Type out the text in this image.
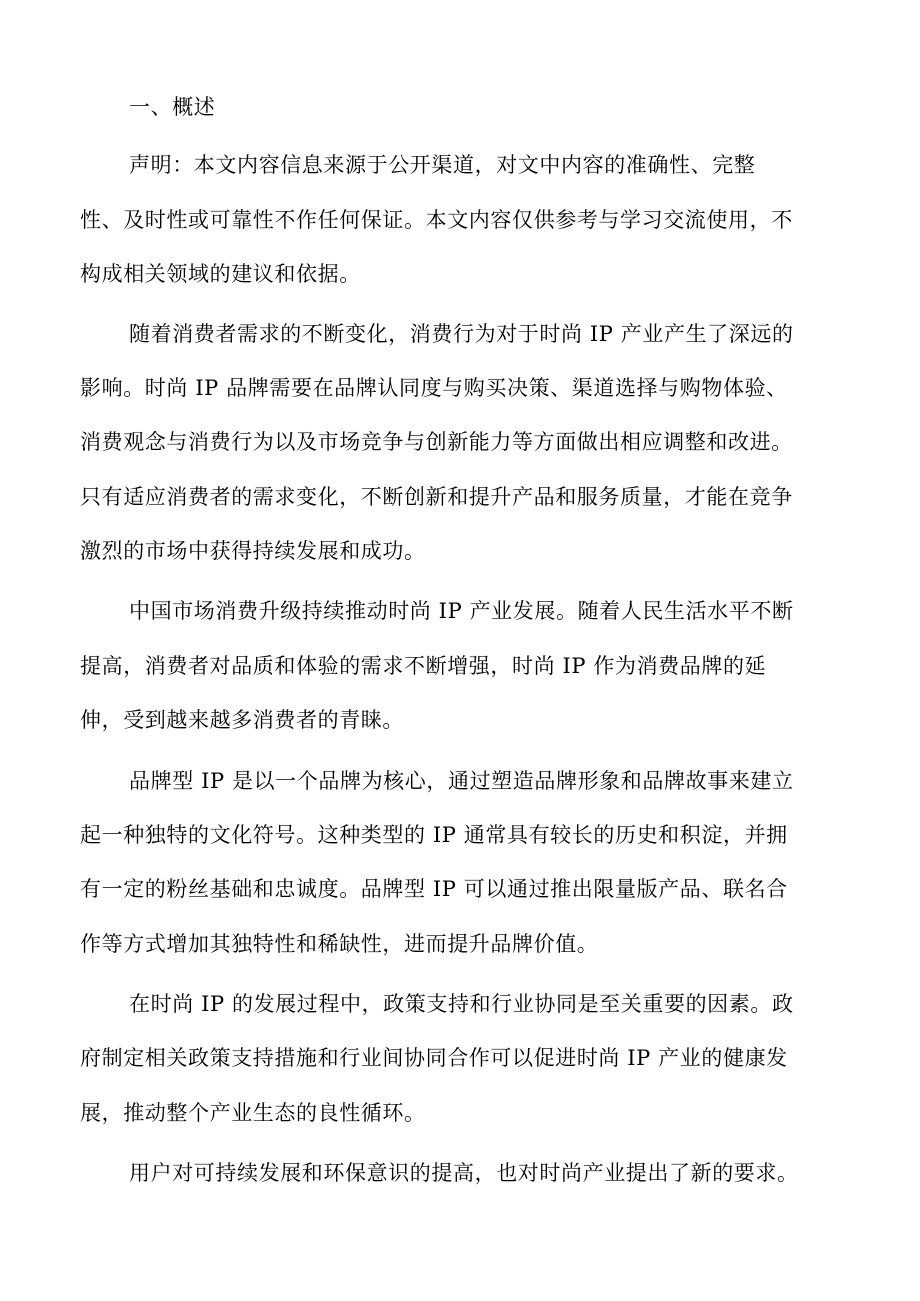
一、概述

声明：本文内容信息来源于公开渠道，对文中内容的准确性、完整

性、及时性或可靠性不作任何保证。本文内容仅供参考与学习交流使用，不

构成相关领域的建议和依据。

随着消费者需求的不断变化，消费行为对于时尚 IP 产业产生了深远的

影响。时尚 IP 品牌需要在品牌认同度与购买决策、渠道选择与购物体验、

消费观念与消费行为以及市场竞争与创新能力等方面做出相应调整和改进。

只有适应消费者的需求变化，不断创新和提升产品和服务质量，才能在竞争

激烈的市场中获得持续发展和成功。

中国市场消费升级持续推动时尚 IP 产业发展。随着人民生活水平不断

提高，消费者对品质和体验的需求不断增强，时尚 IP 作为消费品牌的延

伸，受到越来越多消费者的青睐。

品牌型 IP 是以一个品牌为核心，通过塑造品牌形象和品牌故事来建立

起一种独特的文化符号。这种类型的 IP 通常具有较长的历史和积淀，并拥

有一定的粉丝基础和忠诚度。品牌型 IP 可以通过推出限量版产品、联名合

作等方式增加其独特性和稀缺性，进而提升品牌价值。

在时尚 IP 的发展过程中，政策支持和行业协同是至关重要的因素。政

府制定相关政策支持措施和行业间协同合作可以促进时尚 IP 产业的健康发

展，推动整个产业生态的良性循环。

用户对可持续发展和环保意识的提高，也对时尚产业提出了新的要求。
